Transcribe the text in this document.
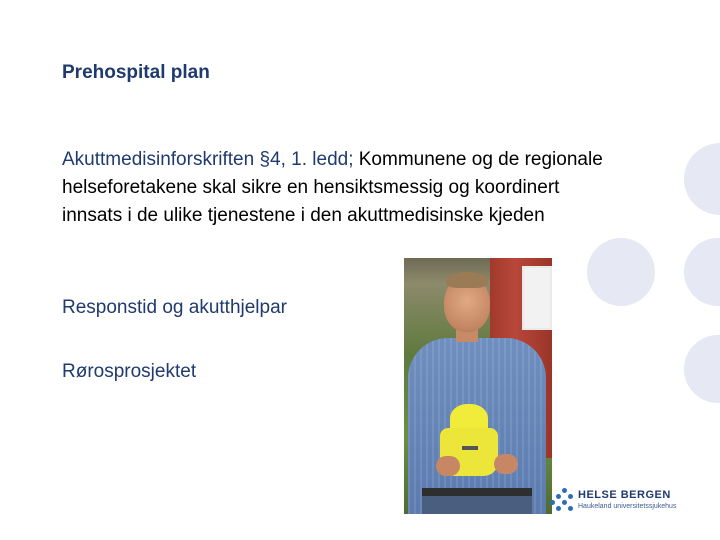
Prehospital plan
Akuttmedisinforskriften §4, 1. ledd; Kommunene og de regionale helseforetakene skal sikre en hensiktsmessig og koordinert innsats i de ulike tjenestene i den akuttmedisinske kjeden
Responstid og akutthjelpar
Rørosprosjektet
HELSE BERGEN
Haukeland universitetssjukehus
